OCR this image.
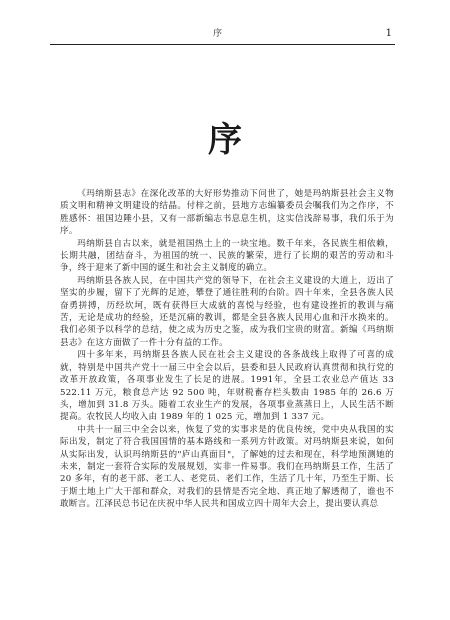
序	1
序

《玛纳斯县志》在深化改革的大好形势推动下问世了，她是玛纳斯县社会主义物质文明和精神文明建设的结晶。付梓之前，县地方志编纂委员会嘱我们为之作序，不胜感怀：祖国边陲小县，又有一部新编志书息息生机，这实信浅辞易事，我们乐于为序。

玛纳斯县自古以来，就是祖国热土上的一块宝地。数千年来，各民族生相依赖，长期共融，团结奋斗，为祖国的统一、民族的繁荣，进行了长期的艰苦的劳动和斗争，终于迎来了新中国的诞生和社会主义制度的确立。

玛纳斯县各族人民，在中国共产党的领导下，在社会主义建设的大道上，迈出了坚实的步履，留下了光辉的足迹，攀登了通往胜利的台阶。四十年来，全县各族人民奋勇拼搏，历经坎坷，既有获得巨大成就的喜悦与经验，也有建设挫折的教训与痛苦，无论是成功的经验，还是沉痛的教训，都是全县各族人民用心血和汗水换来的。我们必须予以科学的总结，使之成为历史之鉴，成为我们宝贵的财富。新编《玛纳斯县志》在这方面做了一件十分有益的工作。

四十多年来，玛纳斯县各族人民在社会主义建设的各条战线上取得了可喜的成就，特别是中国共产党十一届三中全会以后，县委和县人民政府认真贯彻和执行党的改革开放政策，各项事业发生了长足的进展。1991年，全县工农业总产值达 33 522.11 万元，粮食总产达 92 500 吨，年财税畜存栏头数由 1985 年的 26.6 万头，增加到 31.8 万头。随着工农业生产的发展，各项事业蒸蒸日上，人民生活不断提高。农牧民人均收入由 1989 年的 1 025 元，增加到 1 337 元。

中共十一届三中全会以来，恢复了党的实事求是的优良传统，党中央从我国的实际出发，制定了符合我国国情的基本路线和一系列方针政策。对玛纳斯县来说，如何从实际出发，认识玛纳斯县的"庐山真面目"，了解她的过去和现在，科学地预测她的未来，制定一套符合实际的发展规划，实非一件易事。我们在玛纳斯县工作，生活了 20 多年，有的老干部、老工人、老党员、老们工作，生活了几十年，乃至生于斯、长于斯土地上广大干部和群众，对我们的县情是否完全地、真正地了解透彻了，谁也不敢断言。江泽民总书记在庆祝中华人民共和国成立四十周年大会上，提出要认真总
